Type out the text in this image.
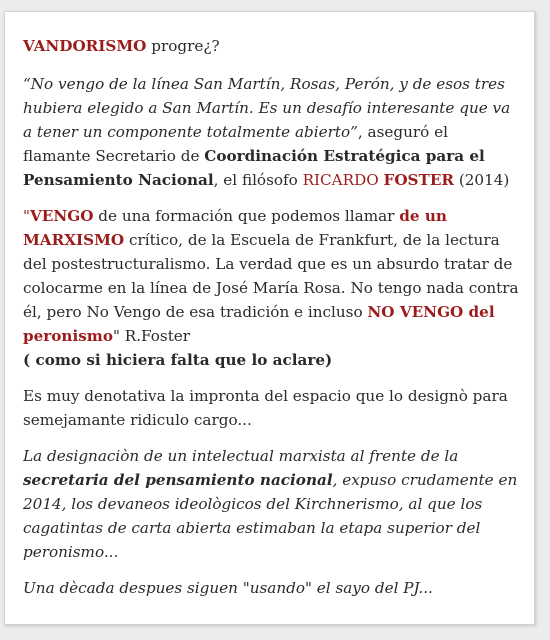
VANDORISMO progre¿?

“No vengo de la línea San Martín, Rosas, Perón, y de esos tres hubiera elegido a San Martín. Es un desafío interesante que va a tener un componente totalmente abierto”, aseguró el flamante Secretario de Coordinación Estratégica para el Pensamiento Nacional, el filósofo RICARDO FOSTER (2014)

"VENGO de una formación que podemos llamar de un MARXISMO crítico, de la Escuela de Frankfurt, de la lectura del postestructuralismo. La verdad que es un absurdo tratar de colocarme en la línea de José María Rosa. No tengo nada contra él, pero No Vengo de esa tradición e incluso NO VENGO del peronismo" R.Foster
( como si hiciera falta que lo aclare)

Es muy denotativa la impronta del espacio que lo designò para semejamante ridiculo cargo...

La designaciòn de un intelectual marxista al frente de la secretaria del pensamiento nacional, expuso crudamente en 2014, los devaneos ideològicos del Kirchnerismo, al que los cagatintas de carta abierta estimaban la etapa superior del peronismo...

Una dècada despues siguen "usando" el sayo del PJ...
